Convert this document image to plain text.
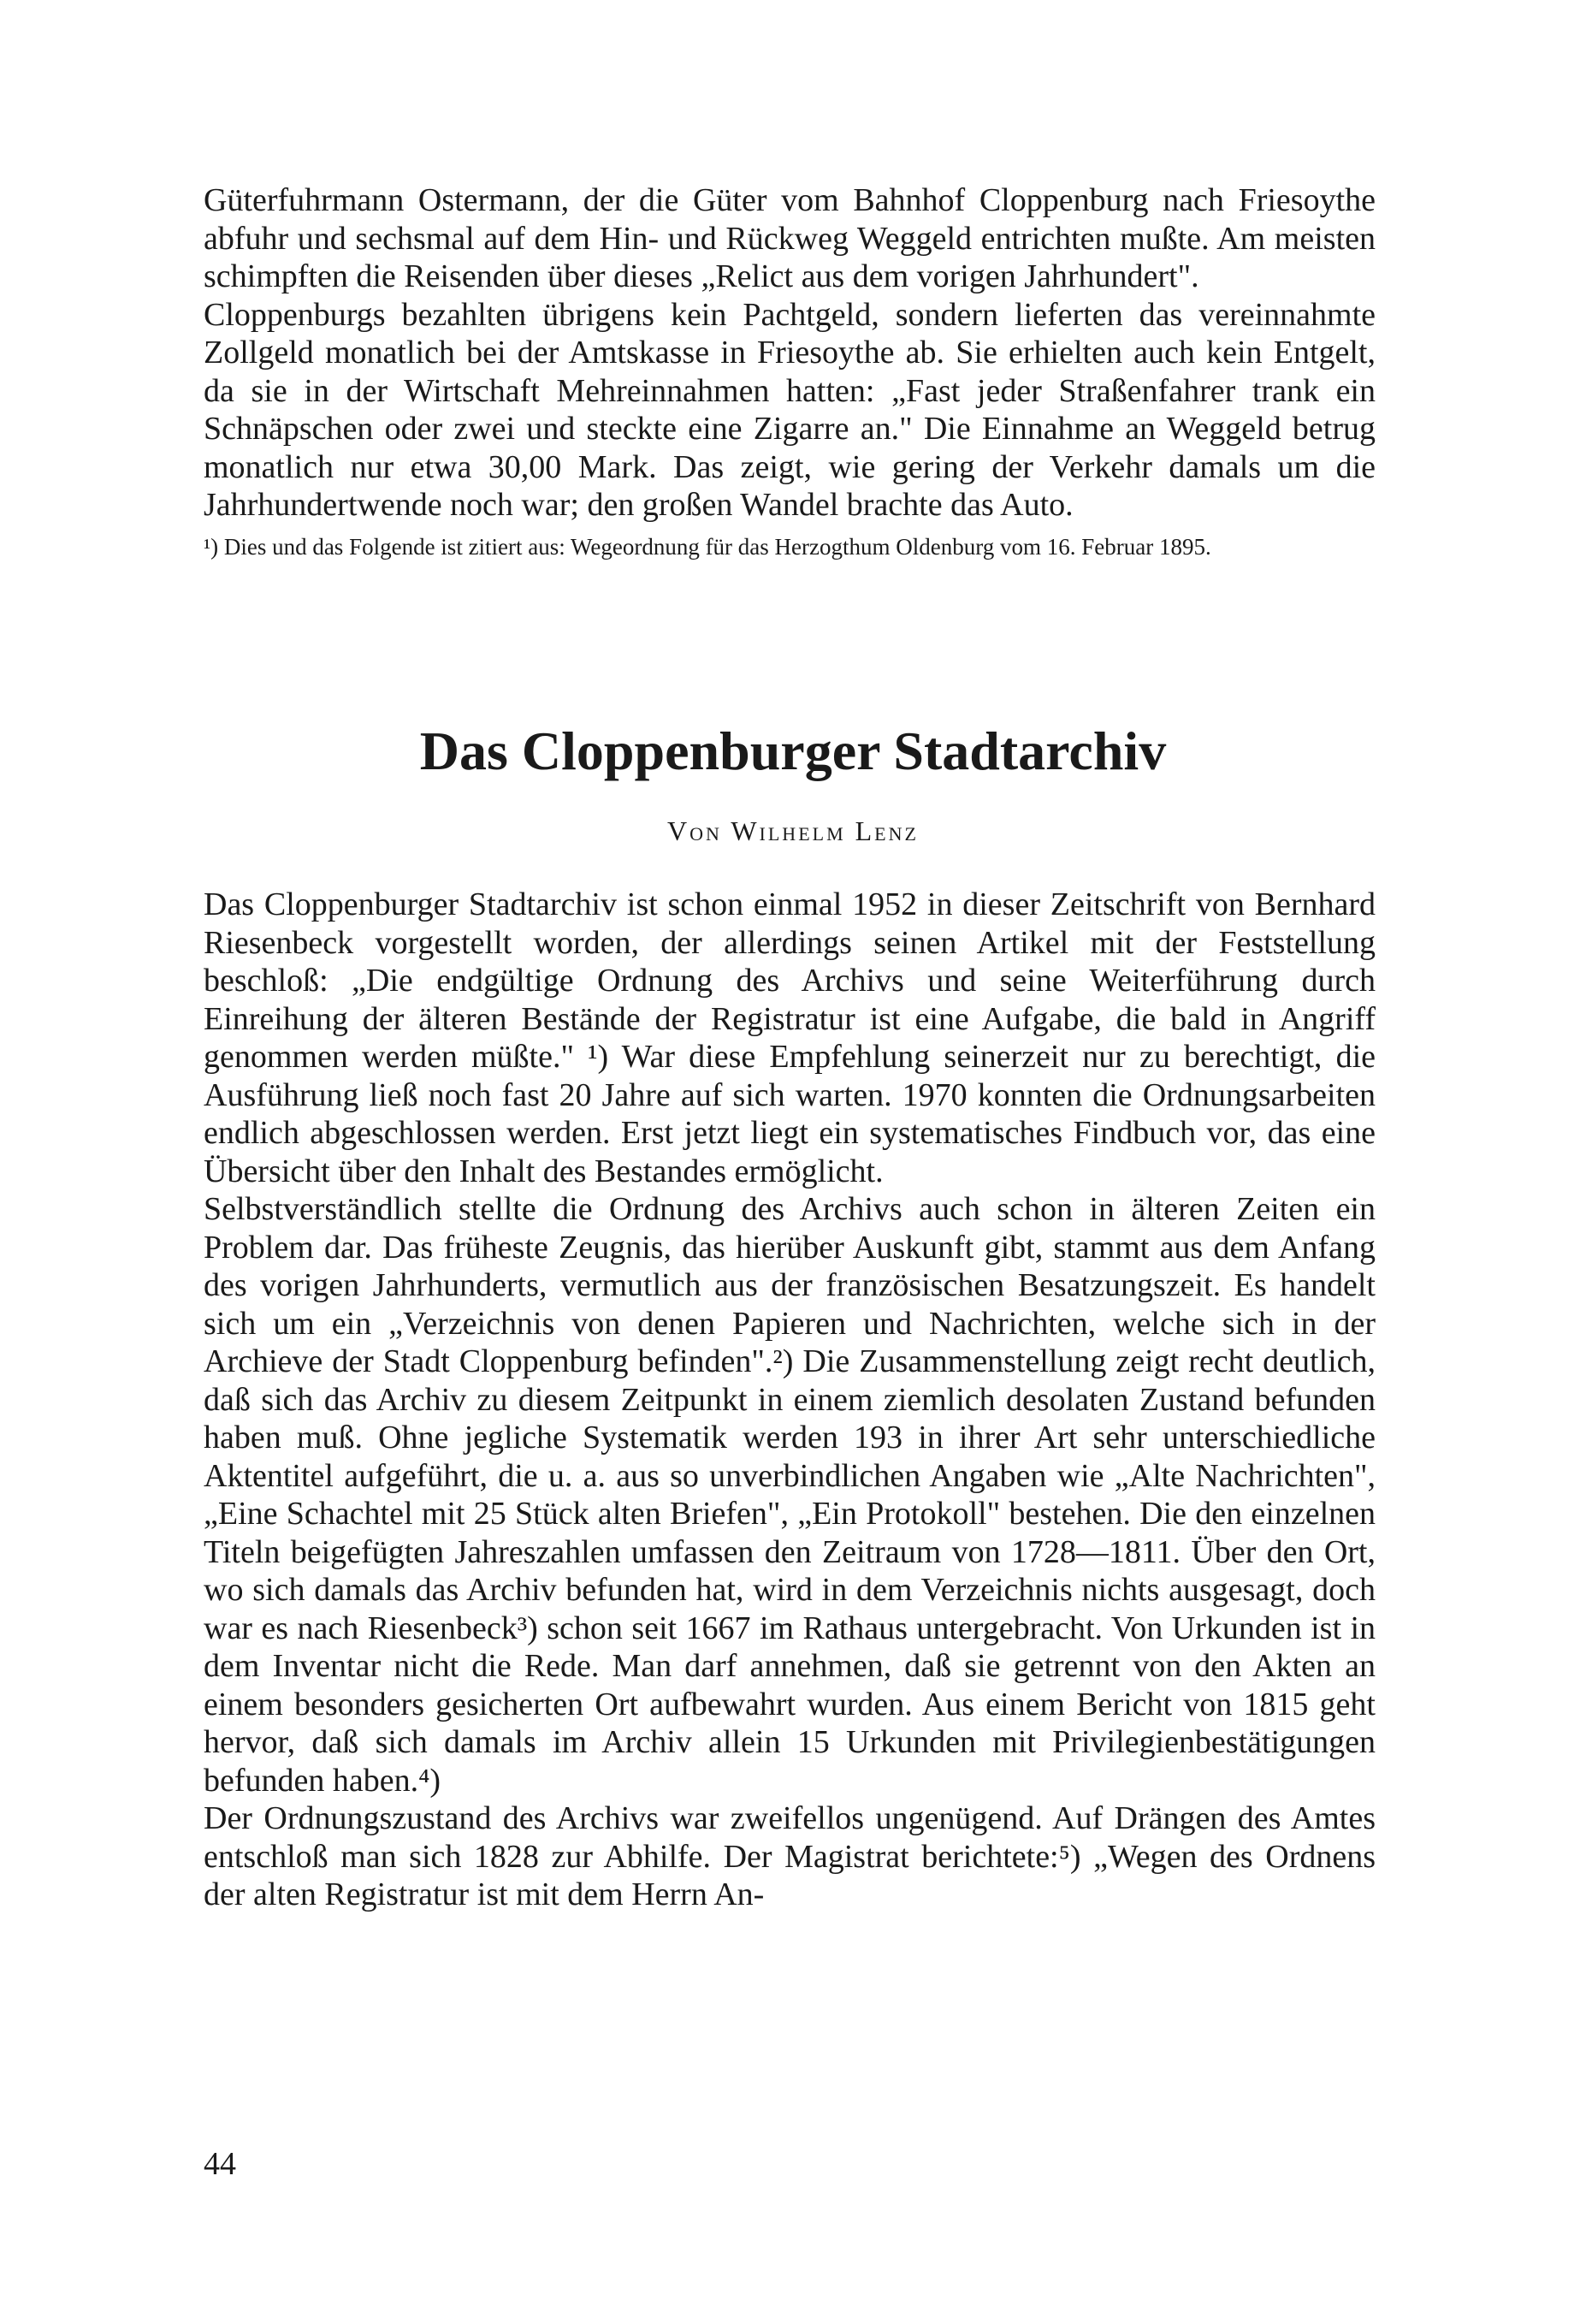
Güterfuhrmann Ostermann, der die Güter vom Bahnhof Cloppenburg nach Friesoythe abfuhr und sechsmal auf dem Hin- und Rückweg Weggeld entrichten mußte. Am meisten schimpften die Reisenden über dieses „Relict aus dem vorigen Jahrhundert".

Cloppenburgs bezahlten übrigens kein Pachtgeld, sondern lieferten das vereinnahmte Zollgeld monatlich bei der Amtskasse in Friesoythe ab. Sie erhielten auch kein Entgelt, da sie in der Wirtschaft Mehreinnahmen hatten: „Fast jeder Straßenfahrer trank ein Schnäpschen oder zwei und steckte eine Zigarre an." Die Einnahme an Weggeld betrug monatlich nur etwa 30,00 Mark. Das zeigt, wie gering der Verkehr damals um die Jahrhundertwende noch war; den großen Wandel brachte das Auto.

¹) Dies und das Folgende ist zitiert aus: Wegeordnung für das Herzogthum Oldenburg vom 16. Februar 1895.

Das Cloppenburger Stadtarchiv
Von Wilhelm Lenz

Das Cloppenburger Stadtarchiv ist schon einmal 1952 in dieser Zeitschrift von Bernhard Riesenbeck vorgestellt worden, der allerdings seinen Artikel mit der Feststellung beschloß: „Die endgültige Ordnung des Archivs und seine Weiterführung durch Einreihung der älteren Bestände der Registratur ist eine Aufgabe, die bald in Angriff genommen werden müßte." ¹) War diese Empfehlung seinerzeit nur zu berechtigt, die Ausführung ließ noch fast 20 Jahre auf sich warten. 1970 konnten die Ordnungsarbeiten endlich abgeschlossen werden. Erst jetzt liegt ein systematisches Findbuch vor, das eine Übersicht über den Inhalt des Bestandes ermöglicht.

Selbstverständlich stellte die Ordnung des Archivs auch schon in älteren Zeiten ein Problem dar. Das früheste Zeugnis, das hierüber Auskunft gibt, stammt aus dem Anfang des vorigen Jahrhunderts, vermutlich aus der französischen Besatzungszeit. Es handelt sich um ein „Verzeichnis von denen Papieren und Nachrichten, welche sich in der Archieve der Stadt Cloppenburg befinden".²) Die Zusammenstellung zeigt recht deutlich, daß sich das Archiv zu diesem Zeitpunkt in einem ziemlich desolaten Zustand befunden haben muß. Ohne jegliche Systematik werden 193 in ihrer Art sehr unterschiedliche Aktentitel aufgeführt, die u. a. aus so unverbindlichen Angaben wie „Alte Nachrichten", „Eine Schachtel mit 25 Stück alten Briefen", „Ein Protokoll" bestehen. Die den einzelnen Titeln beigefügten Jahreszahlen umfassen den Zeitraum von 1728—1811. Über den Ort, wo sich damals das Archiv befunden hat, wird in dem Verzeichnis nichts ausgesagt, doch war es nach Riesenbeck³) schon seit 1667 im Rathaus untergebracht. Von Urkunden ist in dem Inventar nicht die Rede. Man darf annehmen, daß sie getrennt von den Akten an einem besonders gesicherten Ort aufbewahrt wurden. Aus einem Bericht von 1815 geht hervor, daß sich damals im Archiv allein 15 Urkunden mit Privilegienbestätigungen befunden haben.⁴)

Der Ordnungszustand des Archivs war zweifellos ungenügend. Auf Drängen des Amtes entschloß man sich 1828 zur Abhilfe. Der Magistrat berichtete:⁵) „Wegen des Ordnens der alten Registratur ist mit dem Herrn An-

44
